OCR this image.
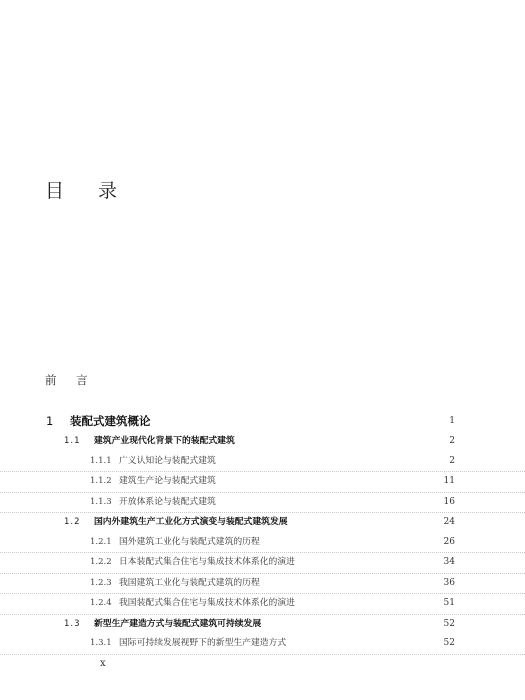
目 录
前 言
1 装配式建筑概论	1
1.1 建筑产业现代化背景下的装配式建筑	2
1.1.1 广义认知论与装配式建筑	2
1.1.2 建筑生产论与装配式建筑	11
1.1.3 开放体系论与装配式建筑	16
1.2 国内外建筑生产工业化方式演变与装配式建筑发展	24
1.2.1 国外建筑工业化与装配式建筑的历程	26
1.2.2 日本装配式集合住宅与集成技术体系化的演进	34
1.2.3 我国建筑工业化与装配式建筑的历程	36
1.2.4 我国装配式集合住宅与集成技术体系化的演进	51
1.3 新型生产建造方式与装配式建筑可持续发展	52
1.3.1 国际可持续发展视野下的新型生产建造方式	52
x
